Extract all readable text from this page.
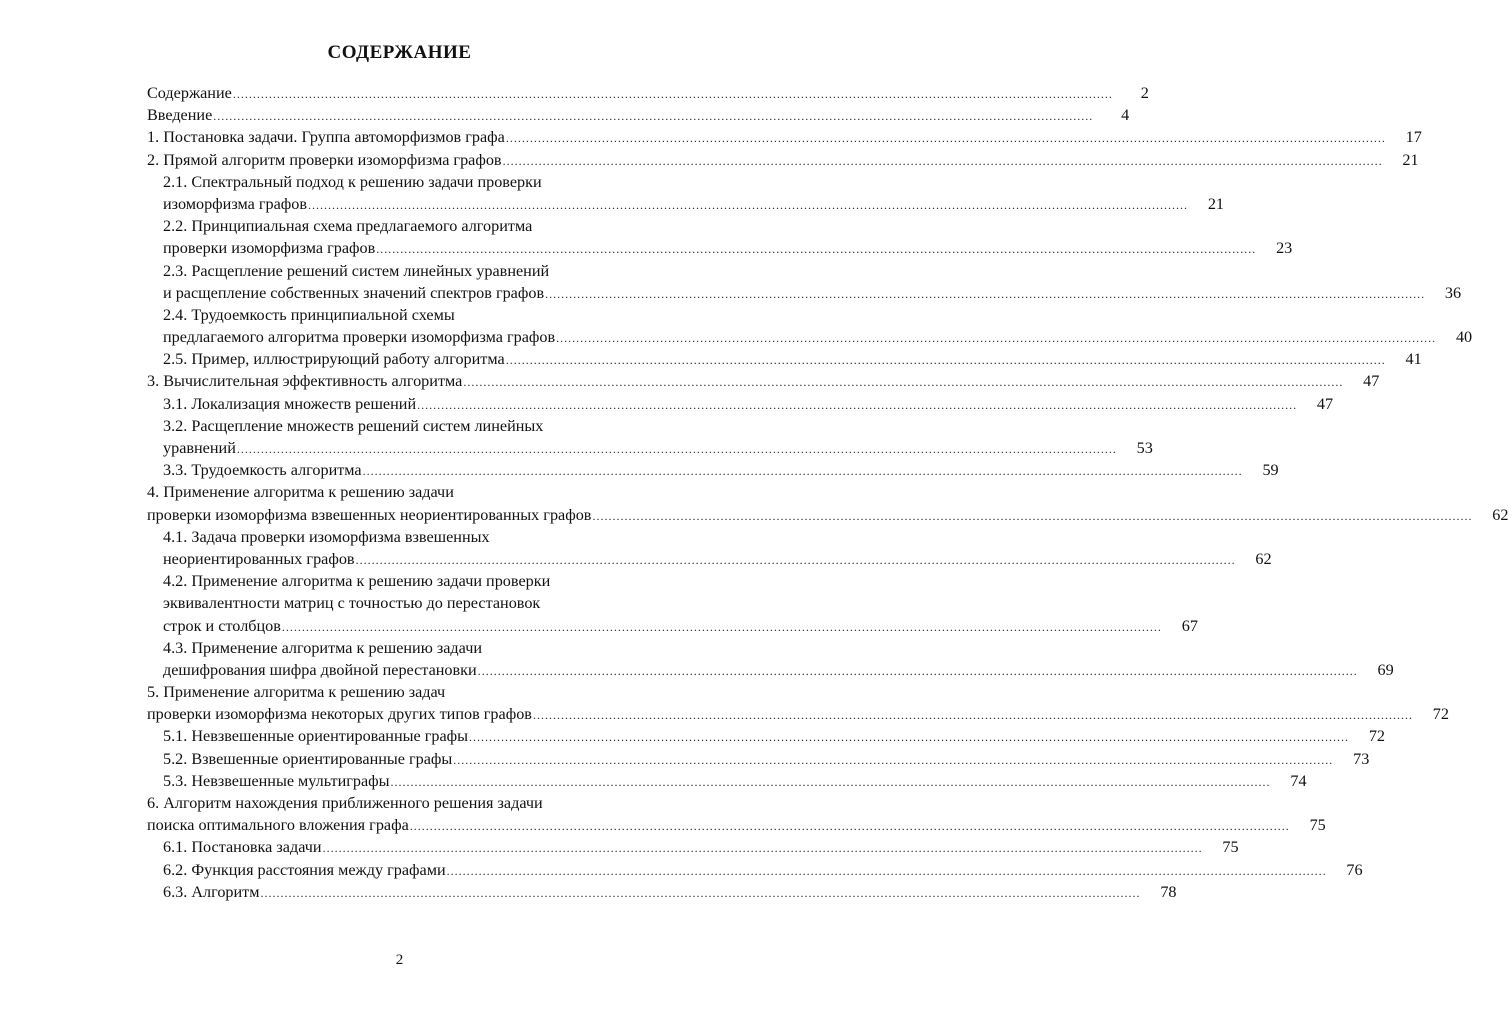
СОДЕРЖАНИЕ
Содержание ............................................................................................................................................................................................................................	2
Введение ............................................................................................................................................................................................................................	4
1. Постановка задачи. Группа автоморфизмов графа ............................................................................................................................................................................................................................	17
2. Прямой алгоритм проверки изоморфизма графов ............................................................................................................................................................................................................................	21
2.1. Спектральный подход к решению задачи проверки
изоморфизма графов ............................................................................................................................................................................................................................	21
2.2. Принципиальная схема предлагаемого алгоритма
проверки изоморфизма графов ............................................................................................................................................................................................................................	23
2.3. Расщепление решений систем линейных уравнений
и расщепление собственных значений спектров графов ............................................................................................................................................................................................................................	36
2.4. Трудоемкость принципиальной схемы
предлагаемого алгоритма проверки изоморфизма графов ............................................................................................................................................................................................................................	40
2.5. Пример, иллюстрирующий работу алгоритма ............................................................................................................................................................................................................................	41
3. Вычислительная эффективность алгоритма ............................................................................................................................................................................................................................	47
3.1. Локализация множеств решений ............................................................................................................................................................................................................................	47
3.2. Расщепление множеств решений систем линейных
уравнений ............................................................................................................................................................................................................................	53
3.3. Трудоемкость алгоритма ............................................................................................................................................................................................................................	59
4. Применение алгоритма к решению задачи
проверки изоморфизма взвешенных неориентированных графов ............................................................................................................................................................................................................................	62
4.1. Задача проверки изоморфизма взвешенных
неориентированных графов ............................................................................................................................................................................................................................	62
4.2. Применение алгоритма к решению задачи проверки
эквивалентности матриц с точностью до перестановок
строк и столбцов ............................................................................................................................................................................................................................	67
4.3. Применение алгоритма к решению задачи
дешифрования шифра двойной перестановки ............................................................................................................................................................................................................................	69
5. Применение алгоритма к решению задач
проверки изоморфизма некоторых других типов графов ............................................................................................................................................................................................................................	72
5.1. Невзвешенные ориентированные графы ............................................................................................................................................................................................................................	72
5.2. Взвешенные ориентированные графы ............................................................................................................................................................................................................................	73
5.3. Невзвешенные мультиграфы ............................................................................................................................................................................................................................	74
6. Алгоритм нахождения приближенного решения задачи
поиска оптимального вложения графа ............................................................................................................................................................................................................................	75
6.1. Постановка задачи ............................................................................................................................................................................................................................	75
6.2. Функция расстояния между графами ............................................................................................................................................................................................................................	76
6.3. Алгоритм ............................................................................................................................................................................................................................	78
2
